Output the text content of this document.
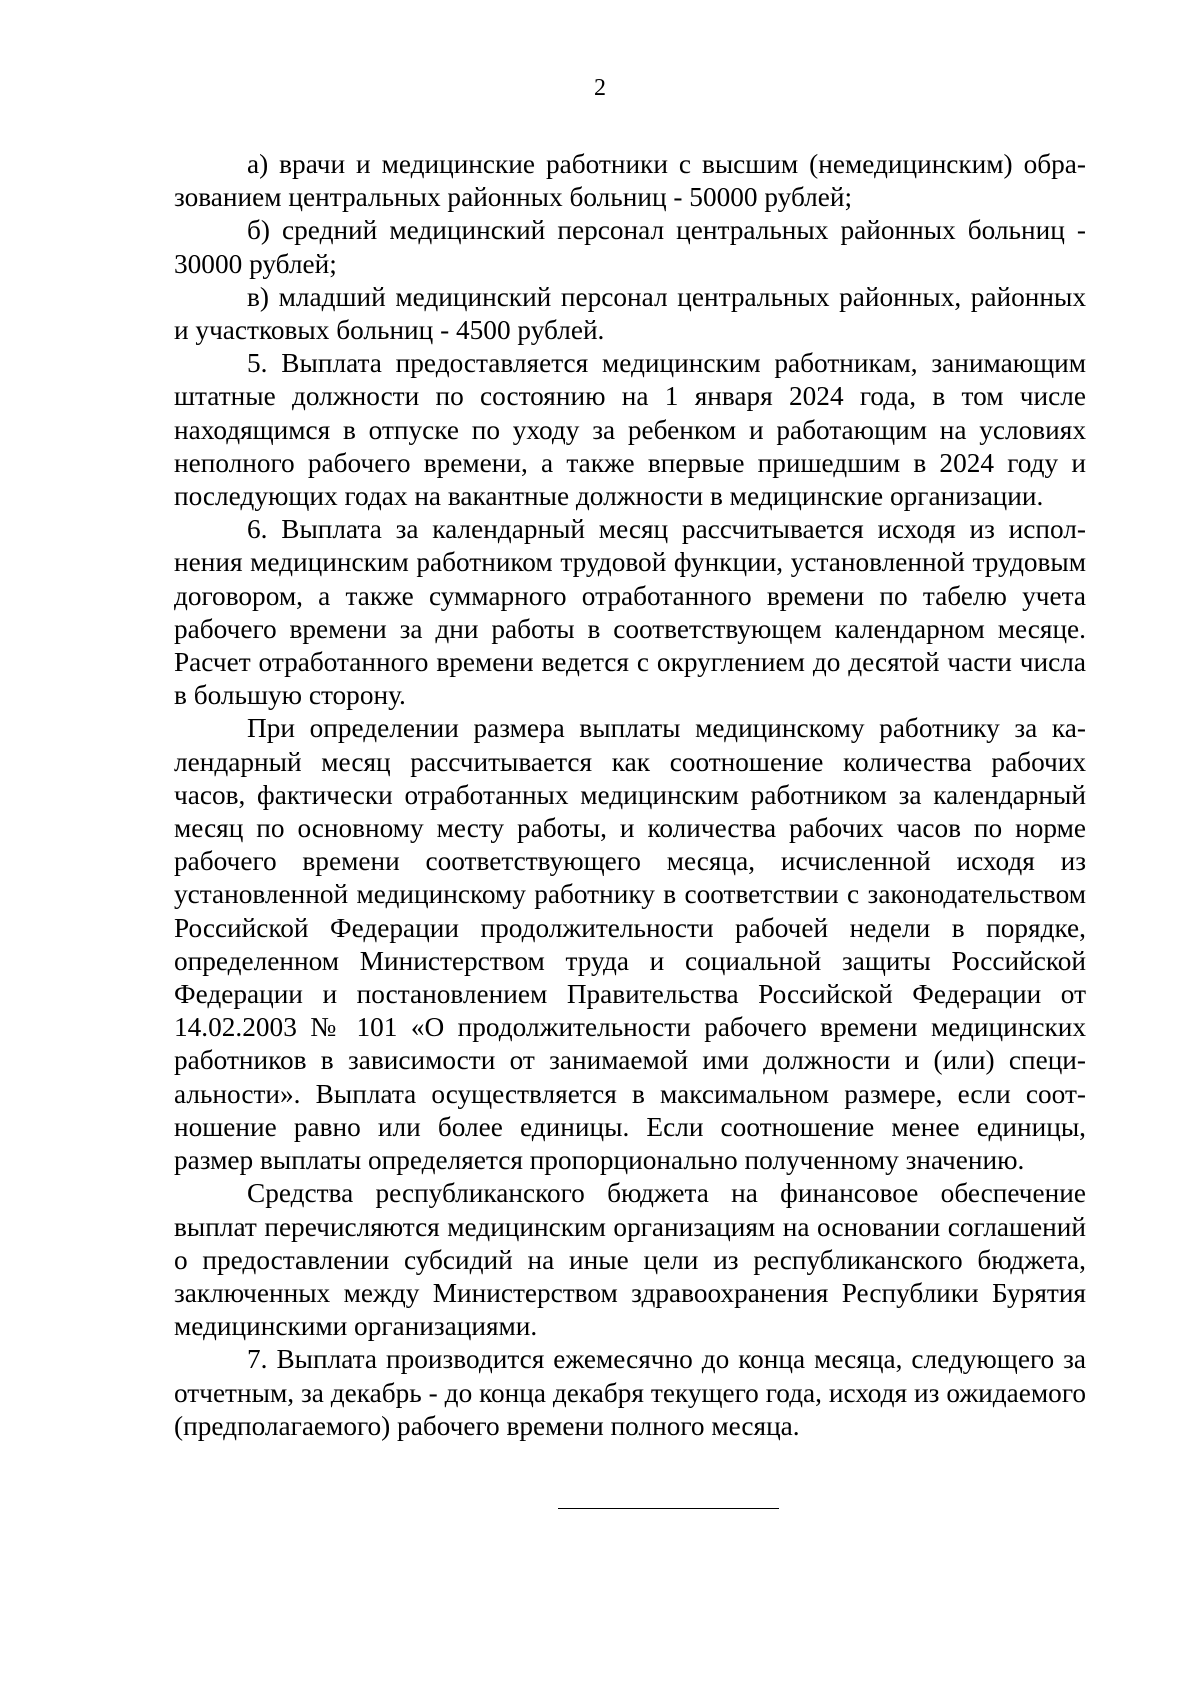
2

а) врачи и медицинские работники с высшим (немедицинским) образованием центральных районных больниц - 50000 рублей;

б) средний медицинский персонал центральных районных больниц - 30000 рублей;

в) младший медицинский персонал центральных районных, районных и участковых больниц - 4500 рублей.

5. Выплата предоставляется медицинским работникам, занимающим штатные должности по состоянию на 1 января 2024 года, в том числе находящимся в отпуске по уходу за ребенком и работающим на условиях неполного рабочего времени, а также впервые пришедшим в 2024 году и последующих годах на вакантные должности в медицинские организации.

6. Выплата за календарный месяц рассчитывается исходя из исполнения медицинским работником трудовой функции, установленной трудовым договором, а также суммарного отработанного времени по табелю учета рабочего времени за дни работы в соответствующем календарном месяце. Расчет отработанного времени ведется с округлением до десятой части числа в большую сторону.

При определении размера выплаты медицинскому работнику за календарный месяц рассчитывается как соотношение количества рабочих часов, фактически отработанных медицинским работником за календарный месяц по основному месту работы, и количества рабочих часов по норме рабочего времени соответствующего месяца, исчисленной исходя из установленной медицинскому работнику в соответствии с законодательством Российской Федерации продолжительности рабочей недели в порядке, определенном Министерством труда и социальной защиты Российской Федерации и постановлением Правительства Российской Федерации от 14.02.2003 № 101 «О продолжительности рабочего времени медицинских работников в зависимости от занимаемой ими должности и (или) специальности». Выплата осуществляется в максимальном размере, если соотношение равно или более единицы. Если соотношение менее единицы, размер выплаты определяется пропорционально полученному значению.

Средства республиканского бюджета на финансовое обеспечение выплат перечисляются медицинским организациям на основании соглашений о предоставлении субсидий на иные цели из республиканского бюджета, заключенных между Министерством здравоохранения Республики Бурятия медицинскими организациями.

7. Выплата производится ежемесячно до конца месяца, следующего за отчетным, за декабрь - до конца декабря текущего года, исходя из ожидаемого (предполагаемого) рабочего времени полного месяца.
